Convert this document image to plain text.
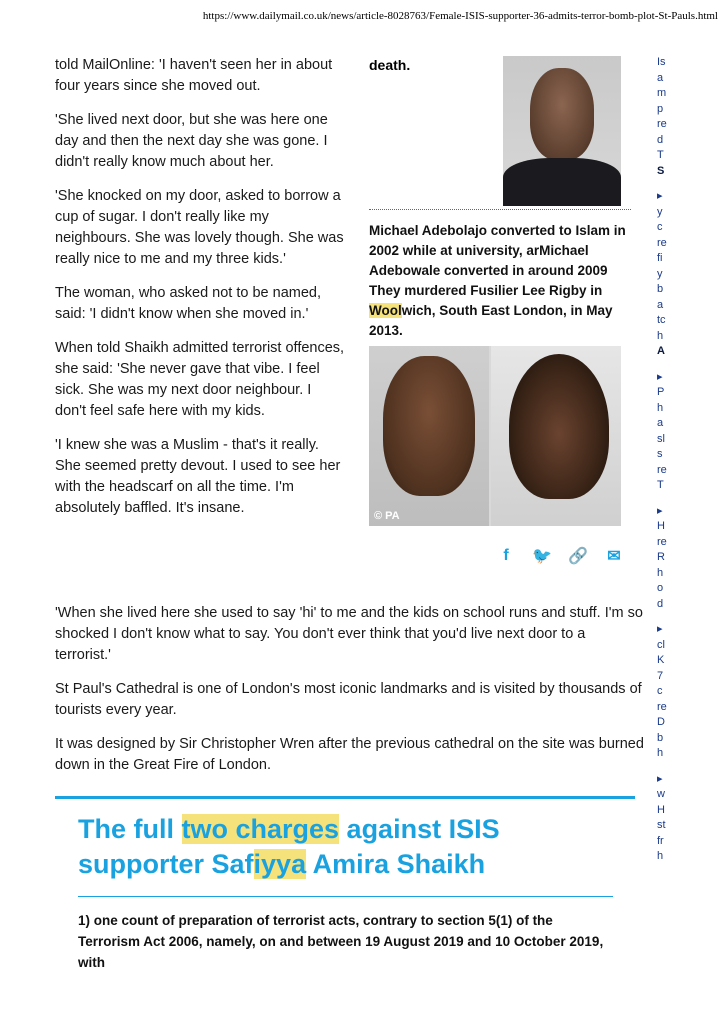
https://www.dailymail.co.uk/news/article-8028763/Female-ISIS-supporter-36-admits-terror-bomb-plot-St-Pauls.html

told MailOnline: 'I haven't seen her in about four years since she moved out.

'She lived next door, but she was here one day and then the next day she was gone. I didn't really know much about her.

'She knocked on my door, asked to borrow a cup of sugar. I don't really like my neighbours. She was lovely though. She was really nice to me and my three kids.'

The woman, who asked not to be named, said: 'I didn't know when she moved in.'

When told Shaikh admitted terrorist offences, she said: 'She never gave that vibe. I feel sick. She was my next door neighbour. I don't feel safe here with my kids.

'I knew she was a Muslim - that's it really. She seemed pretty devout. I used to see her with the headscarf on all the time. I'm absolutely baffled. It's insane.

death.
Michael Adebolajo converted to Islam in 2002 while at university, arMichael Adebowale converted in around 2009 They murdered Fusilier Lee Rigby in Woolwich, South East London, in May 2013.
© PA
f	🐦 🔗 ✉

'When she lived here she used to say 'hi' to me and the kids on school runs and stuff. I'm so shocked I don't know what to say. You don't ever think that you'd live next door to a terrorist.'

St Paul's Cathedral is one of London's most iconic landmarks and is visited by thousands of tourists every year.

It was designed by Sir Christopher Wren after the previous cathedral on the site was burned down in the Great Fire of London.

The full two charges against ISIS supporter Safiyya Amira Shaikh
1) one count of preparation of terrorist acts, contrary to section 5(1) of the Terrorism Act 2006, namely, on and between 19 August 2019 and 10 October 2019, with
Is
a
m
p
re
d
T
S
▸
y
c
re
fi
y
b
a
tc
h
A
▸
P
h
a
sl
s
re
T
▸
H
re
R
h
o
d
▸
cl
K
7
c
re
D
b
h
▸
w
H
st
fr
h
